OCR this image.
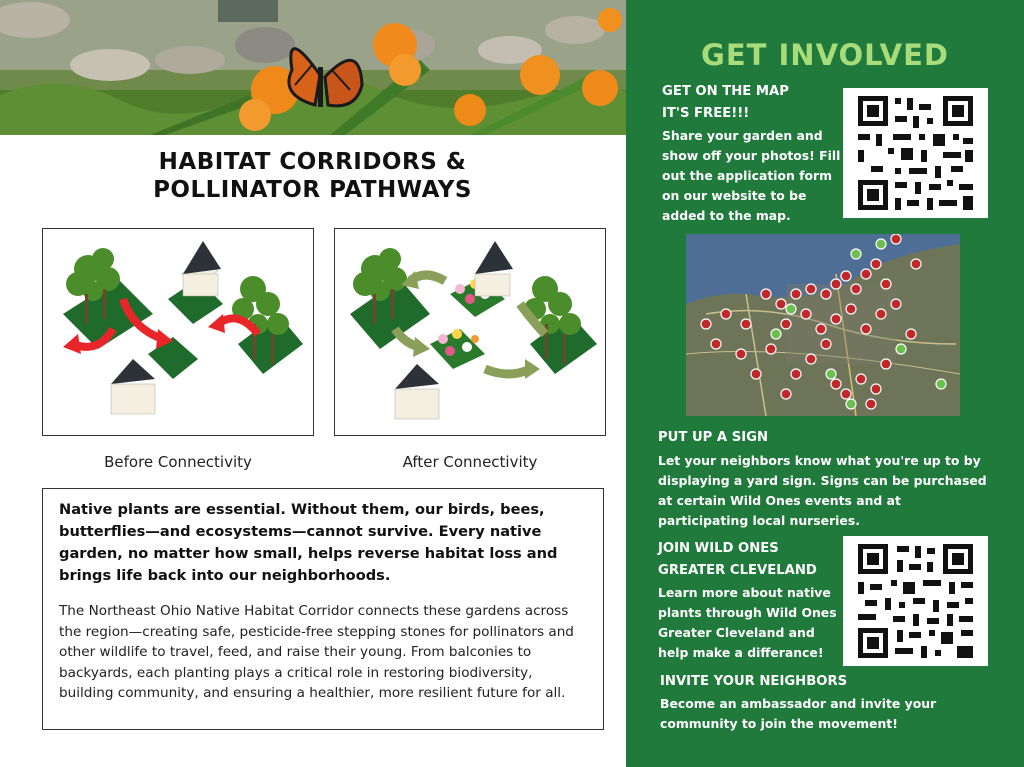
HABITAT CORRIDORS &
POLLINATOR PATHWAYS
Before Connectivity	After Connectivity

Native plants are essential. Without them, our birds, bees, butterflies—and ecosystems—cannot survive. Every native garden, no matter how small, helps reverse habitat loss and brings life back into our neighborhoods.

The Northeast Ohio Native Habitat Corridor connects these gardens across the region—creating safe, pesticide-free stepping stones for pollinators and other wildlife to travel, feed, and raise their young. From balconies to backyards, each planting plays a critical role in restoring biodiversity, building community, and ensuring a healthier, more resilient future for all.

GET INVOLVED
GET ON THE MAP
IT'S FREE!!!
Share your garden and show off your photos! Fill out the application form on our website to be added to the map.
PUT UP A SIGN
Let your neighbors know what you're up to by displaying a yard sign. Signs can be purchased at certain Wild Ones events and at participating local nurseries.
JOIN WILD ONES
GREATER CLEVELAND
Learn more about native plants through Wild Ones Greater Cleveland and help make a differance!
INVITE YOUR NEIGHBORS
Become an ambassador and invite your community to join the movement!
